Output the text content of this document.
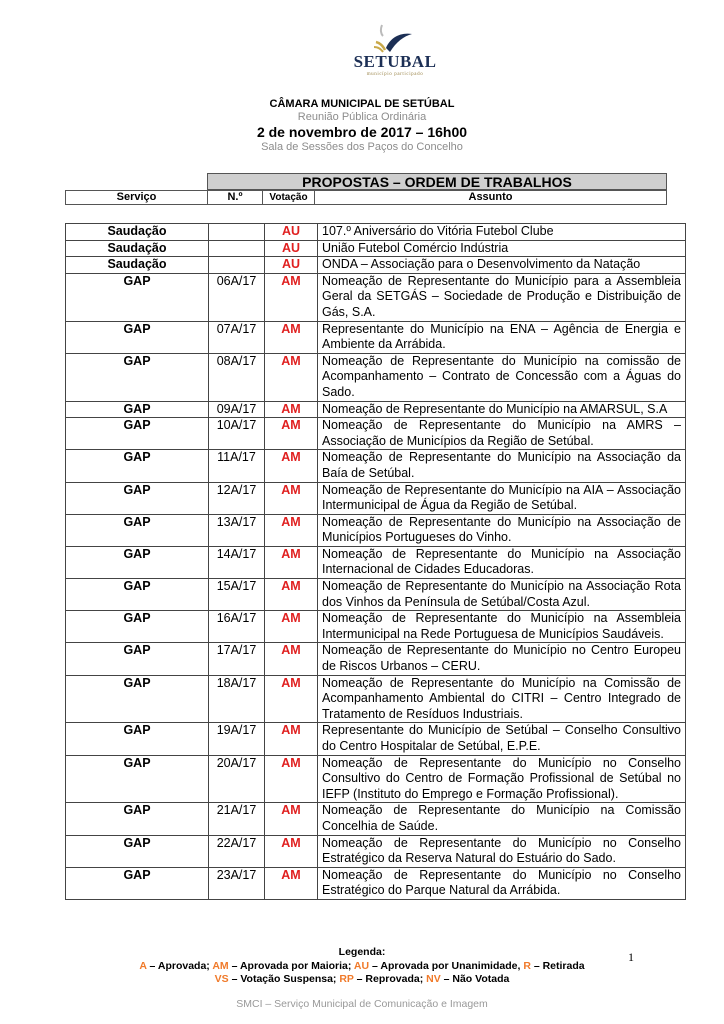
SETUBAL
município participado
CÂMARA MUNICIPAL DE SETÚBAL
Reunião Pública Ordinária
2 de novembro de 2017 – 16h00
Sala de Sessões dos Paços do Concelho
PROPOSTAS – ORDEM DE TRABALHOS
Serviço	N.º	Votação	Assunto
Saudação		AU	107.º Aniversário do Vitória Futebol Clube
Saudação		AU	União Futebol Comércio Indústria
Saudação		AU	ONDA – Associação para o Desenvolvimento da Natação
GAP	06A/17	AM	Nomeação de Representante do Município para a Assembleia Geral da SETGÁS – Sociedade de Produção e Distribuição de Gás, S.A.
GAP	07A/17	AM	Representante do Município na ENA – Agência de Energia e Ambiente da Arrábida.
GAP	08A/17	AM	Nomeação de Representante do Município na comissão de Acompanhamento – Contrato de Concessão com a Águas do Sado.
GAP	09A/17	AM	Nomeação de Representante do Município na AMARSUL, S.A
GAP	10A/17	AM	Nomeação de Representante do Município na AMRS – Associação de Municípios da Região de Setúbal.
GAP	11A/17	AM	Nomeação de Representante do Município na Associação da Baía de Setúbal.
GAP	12A/17	AM	Nomeação de Representante do Município na AIA – Associação Intermunicipal de Água da Região de Setúbal.
GAP	13A/17	AM	Nomeação de Representante do Município na Associação de Municípios Portugueses do Vinho.
GAP	14A/17	AM	Nomeação de Representante do Município na Associação Internacional de Cidades Educadoras.
GAP	15A/17	AM	Nomeação de Representante do Município na Associação Rota dos Vinhos da Península de Setúbal/Costa Azul.
GAP	16A/17	AM	Nomeação de Representante do Município na Assembleia Intermunicipal na Rede Portuguesa de Municípios Saudáveis.
GAP	17A/17	AM	Nomeação de Representante do Município no Centro Europeu de Riscos Urbanos – CERU.
GAP	18A/17	AM	Nomeação de Representante do Município na Comissão de Acompanhamento Ambiental do CITRI – Centro Integrado de Tratamento de Resíduos Industriais.
GAP	19A/17	AM	Representante do Município de Setúbal – Conselho Consultivo do Centro Hospitalar de Setúbal, E.P.E.
GAP	20A/17	AM	Nomeação de Representante do Município no Conselho Consultivo do Centro de Formação Profissional de Setúbal no IEFP (Instituto do Emprego e Formação Profissional).
GAP	21A/17	AM	Nomeação de Representante do Município na Comissão Concelhia de Saúde.
GAP	22A/17	AM	Nomeação de Representante do Município no Conselho Estratégico da Reserva Natural do Estuário do Sado.
GAP	23A/17	AM	Nomeação de Representante do Município no Conselho Estratégico do Parque Natural da Arrábida.
Legenda:
A – Aprovada; AM – Aprovada por Maioria; AU – Aprovada por Unanimidade, R – Retirada
VS – Votação Suspensa; RP – Reprovada; NV – Não Votada
1
SMCI – Serviço Municipal de Comunicação e Imagem
